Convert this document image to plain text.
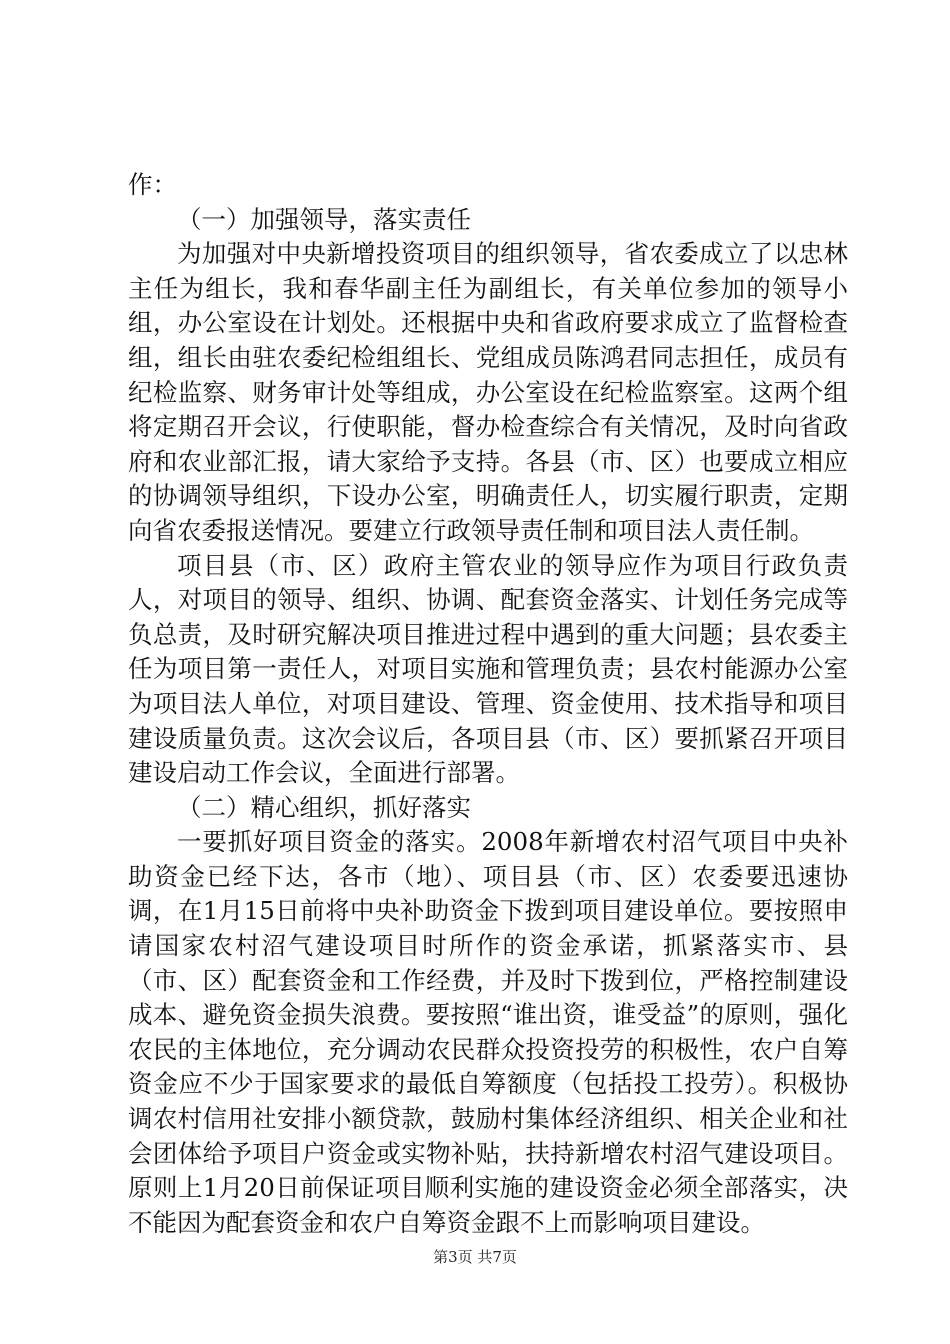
作：

（一）加强领导，落实责任

为加强对中央新增投资项目的组织领导，省农委成立了以忠林主任为组长，我和春华副主任为副组长，有关单位参加的领导小组，办公室设在计划处。还根据中央和省政府要求成立了监督检查组，组长由驻农委纪检组组长、党组成员陈鸿君同志担任，成员有纪检监察、财务审计处等组成，办公室设在纪检监察室。这两个组将定期召开会议，行使职能，督办检查综合有关情况，及时向省政府和农业部汇报，请大家给予支持。各县（市、区）也要成立相应的协调领导组织，下设办公室，明确责任人，切实履行职责，定期向省农委报送情况。要建立行政领导责任制和项目法人责任制。

项目县（市、区）政府主管农业的领导应作为项目行政负责人，对项目的领导、组织、协调、配套资金落实、计划任务完成等负总责，及时研究解决项目推进过程中遇到的重大问题；县农委主任为项目第一责任人，对项目实施和管理负责；县农村能源办公室为项目法人单位，对项目建设、管理、资金使用、技术指导和项目建设质量负责。这次会议后，各项目县（市、区）要抓紧召开项目建设启动工作会议，全面进行部署。

（二）精心组织，抓好落实

一要抓好项目资金的落实。2008年新增农村沼气项目中央补助资金已经下达，各市（地）、项目县（市、区）农委要迅速协调，在1月15日前将中央补助资金下拨到项目建设单位。要按照申请国家农村沼气建设项目时所作的资金承诺，抓紧落实市、县（市、区）配套资金和工作经费，并及时下拨到位，严格控制建设成本、避免资金损失浪费。要按照“谁出资，谁受益”的原则，强化农民的主体地位，充分调动农民群众投资投劳的积极性，农户自筹资金应不少于国家要求的最低自筹额度（包括投工投劳）。积极协调农村信用社安排小额贷款，鼓励村集体经济组织、相关企业和社会团体给予项目户资金或实物补贴，扶持新增农村沼气建设项目。原则上1月20日前保证项目顺利实施的建设资金必须全部落实，决不能因为配套资金和农户自筹资金跟不上而影响项目建设。

第3页 共7页
